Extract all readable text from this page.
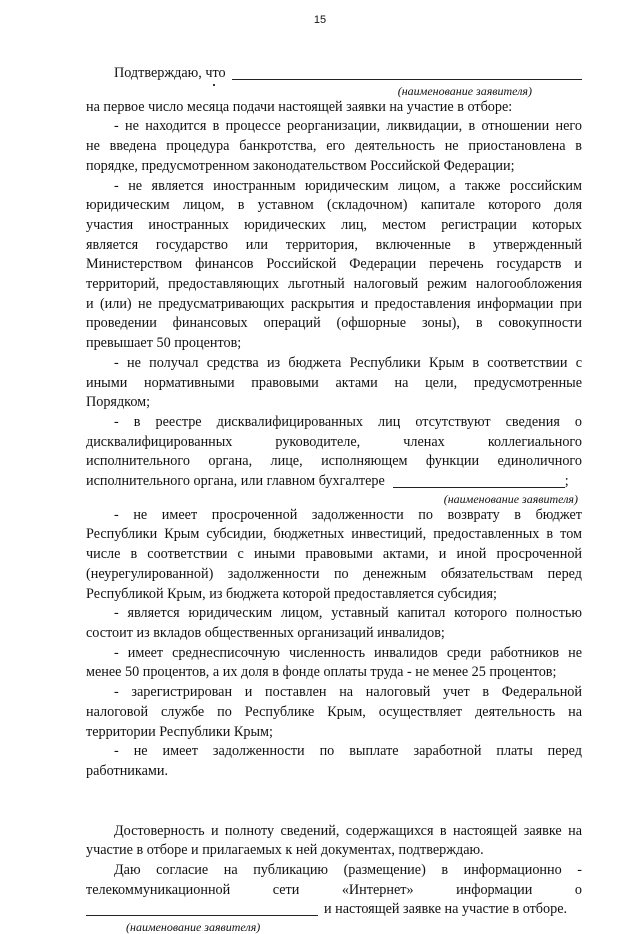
15
Подтверждаю, что
(наименование заявителя)
на первое число месяца подачи настоящей заявки на участие в отборе:
- не находится в процессе реорганизации, ликвидации, в отношении него
не введена процедура банкротства, его деятельность не приостановлена в
порядке, предусмотренном законодательством Российской Федерации;
- не является иностранным юридическим лицом, а также российским
юридическим лицом, в уставном (складочном) капитале которого доля
участия иностранных юридических лиц, местом регистрации которых
является государство или территория, включенные в утвержденный
Министерством финансов Российской Федерации перечень государств и
территорий, предоставляющих льготный налоговый режим налогообложения
и (или) не предусматривающих раскрытия и предоставления информации при
проведении финансовых операций (офшорные зоны), в совокупности
превышает 50 процентов;
- не получал средства из бюджета Республики Крым в соответствии с
иными нормативными правовыми актами на цели, предусмотренные
Порядком;
- в реестре дисквалифицированных лиц отсутствуют сведения о
дисквалифицированных руководителе, членах коллегиального
исполнительного органа, лице, исполняющем функции единоличного
исполнительного органа, или главном бухгалтере	;
(наименование заявителя)
- не имеет просроченной задолженности по возврату в бюджет
Республики Крым субсидии, бюджетных инвестиций, предоставленных в том
числе в соответствии с иными правовыми актами, и иной просроченной
(неурегулированной) задолженности по денежным обязательствам перед
Республикой Крым, из бюджета которой предоставляется субсидия;
- является юридическим лицом, уставный капитал которого полностью
состоит из вкладов общественных организаций инвалидов;
- имеет среднесписочную численность инвалидов среди работников не
менее 50 процентов, а их доля в фонде оплаты труда - не менее 25 процентов;
- зарегистрирован и поставлен на налоговый учет в Федеральной
налоговой службе по Республике Крым, осуществляет деятельность на
территории Республики Крым;
- не имеет задолженности по выплате заработной платы перед
работниками.
Достоверность и полноту сведений, содержащихся в настоящей заявке на
участие в отборе и прилагаемых к ней документах, подтверждаю.
Даю согласие на публикацию (размещение) в информационно -
телекоммуникационной сети «Интернет» информации о
и настоящей заявке на участие в отборе.
(наименование заявителя)
